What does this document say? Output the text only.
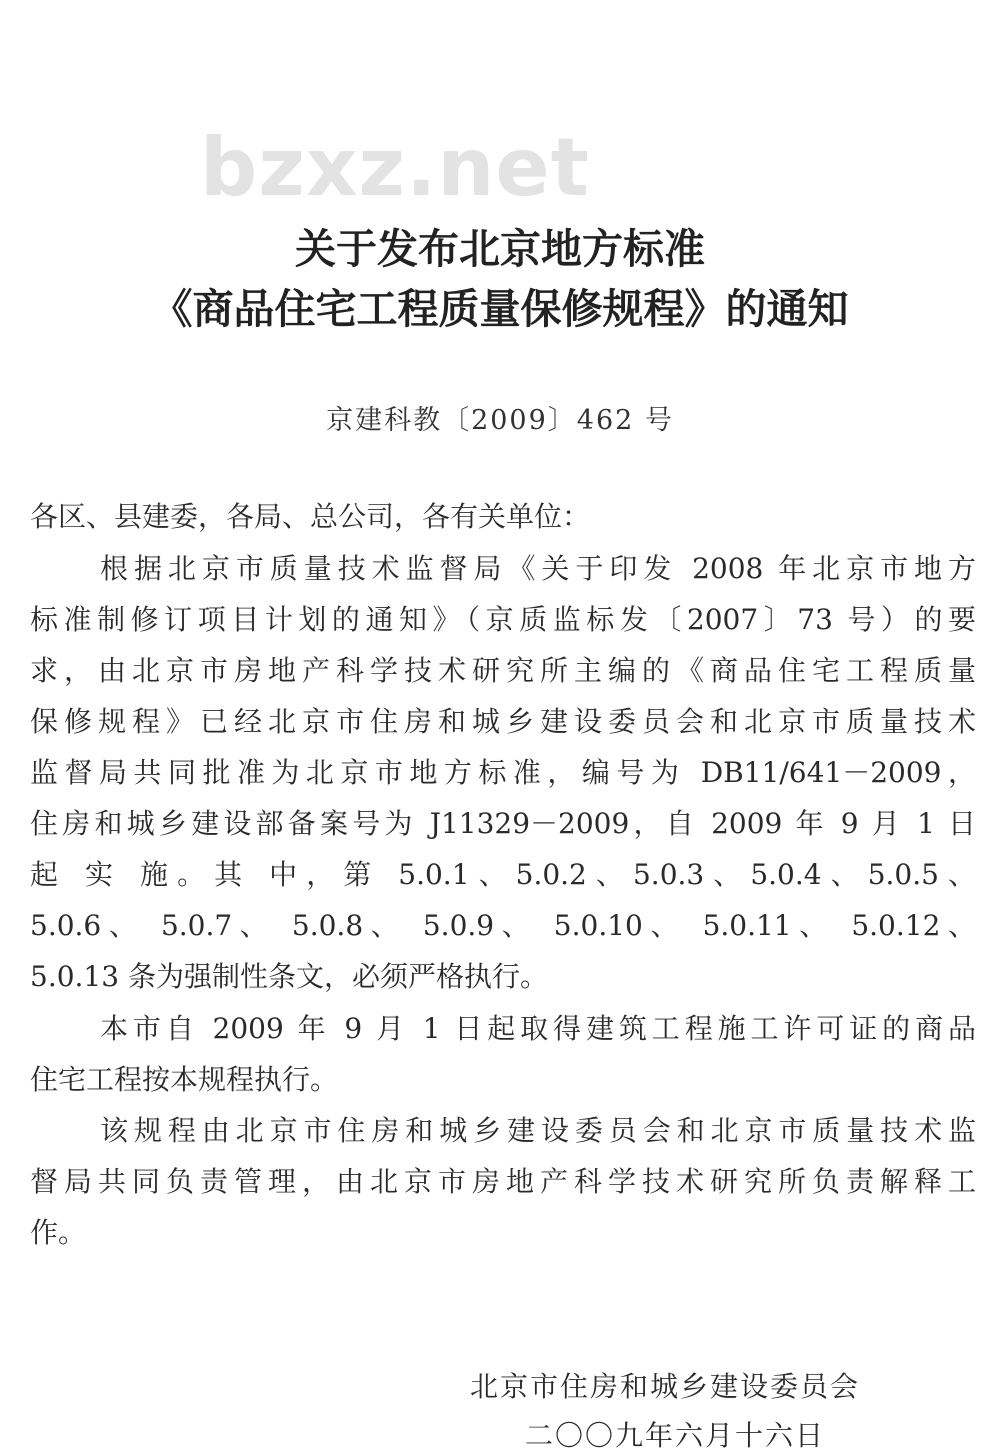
bzxz.net
关于发布北京地方标准
《商品住宅工程质量保修规程》的通知
京建科教〔2009〕462 号
各区、县建委，各局、总公司，各有关单位：
根据北京市质量技术监督局《关于印发 2008 年北京市地方
标准制修订项目计划的通知》（京质监标发〔2007〕73 号）的要
求，由北京市房地产科学技术研究所主编的《商品住宅工程质量
保修规程》已经北京市住房和城乡建设委员会和北京市质量技术
监督局共同批准为北京市地方标准，编号为 DB11/641－2009，
住房和城乡建设部备案号为 J11329－2009，自 2009 年 9 月 1 日
起 实 施。其 中，第 5.0.1、5.0.2、5.0.3、5.0.4、5.0.5、
5.0.6、 5.0.7、 5.0.8、 5.0.9、 5.0.10、 5.0.11、 5.0.12、
5.0.13 条为强制性条文，必须严格执行。
本市自 2009 年 9 月 1 日起取得建筑工程施工许可证的商品
住宅工程按本规程执行。
该规程由北京市住房和城乡建设委员会和北京市质量技术监
督局共同负责管理，由北京市房地产科学技术研究所负责解释工
作。
北京市住房和城乡建设委员会
二〇〇九年六月十六日
